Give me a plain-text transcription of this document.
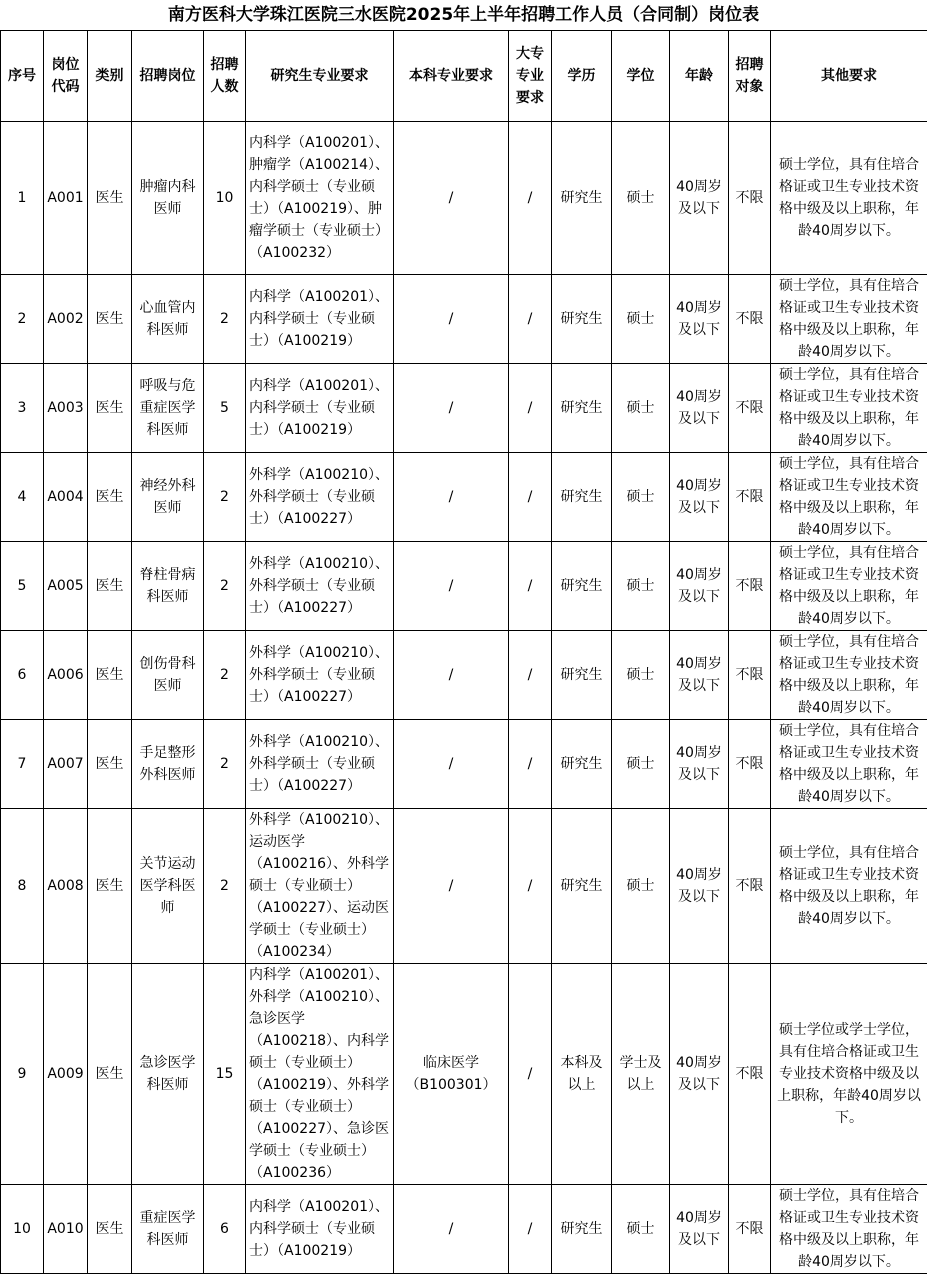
南方医科大学珠江医院三水医院2025年上半年招聘工作人员（合同制）岗位表
序号	岗位代码	类别	招聘岗位	招聘人数	研究生专业要求	本科专业要求	大专专业要求	学历	学位	年龄	招聘对象	其他要求
1	A001	医生	肿瘤内科医师	10	内科学（A100201）、肿瘤学（A100214）、内科学硕士（专业硕士）（A100219）、肿瘤学硕士（专业硕士）（A100232）	/	/	研究生	硕士	40周岁及以下	不限	硕士学位，具有住培合格证或卫生专业技术资格中级及以上职称，年龄40周岁以下。
2	A002	医生	心血管内科医师	2	内科学（A100201）、内科学硕士（专业硕士）（A100219）	/	/	研究生	硕士	40周岁及以下	不限	硕士学位，具有住培合格证或卫生专业技术资格中级及以上职称，年龄40周岁以下。
3	A003	医生	呼吸与危重症医学科医师	5	内科学（A100201）、内科学硕士（专业硕士）（A100219）	/	/	研究生	硕士	40周岁及以下	不限	硕士学位，具有住培合格证或卫生专业技术资格中级及以上职称，年龄40周岁以下。
4	A004	医生	神经外科医师	2	外科学（A100210）、外科学硕士（专业硕士）（A100227）	/	/	研究生	硕士	40周岁及以下	不限	硕士学位，具有住培合格证或卫生专业技术资格中级及以上职称，年龄40周岁以下。
5	A005	医生	脊柱骨病科医师	2	外科学（A100210）、外科学硕士（专业硕士）（A100227）	/	/	研究生	硕士	40周岁及以下	不限	硕士学位，具有住培合格证或卫生专业技术资格中级及以上职称，年龄40周岁以下。
6	A006	医生	创伤骨科医师	2	外科学（A100210）、外科学硕士（专业硕士）（A100227）	/	/	研究生	硕士	40周岁及以下	不限	硕士学位，具有住培合格证或卫生专业技术资格中级及以上职称，年龄40周岁以下。
7	A007	医生	手足整形外科医师	2	外科学（A100210）、外科学硕士（专业硕士）（A100227）	/	/	研究生	硕士	40周岁及以下	不限	硕士学位，具有住培合格证或卫生专业技术资格中级及以上职称，年龄40周岁以下。
8	A008	医生	关节运动医学科医师	2	外科学（A100210）、运动医学（A100216）、外科学硕士（专业硕士）（A100227）、运动医学硕士（专业硕士）（A100234）	/	/	研究生	硕士	40周岁及以下	不限	硕士学位，具有住培合格证或卫生专业技术资格中级及以上职称，年龄40周岁以下。
9	A009	医生	急诊医学科医师	15	内科学（A100201）、外科学（A100210）、急诊医学（A100218）、内科学硕士（专业硕士）（A100219）、外科学硕士（专业硕士）（A100227）、急诊医学硕士（专业硕士）（A100236）	临床医学（B100301）	/	本科及以上	学士及以上	40周岁及以下	不限	硕士学位或学士学位，具有住培合格证或卫生专业技术资格中级及以上职称，年龄40周岁以下。
10	A010	医生	重症医学科医师	6	内科学（A100201）、内科学硕士（专业硕士）（A100219）	/	/	研究生	硕士	40周岁及以下	不限	硕士学位，具有住培合格证或卫生专业技术资格中级及以上职称，年龄40周岁以下。
